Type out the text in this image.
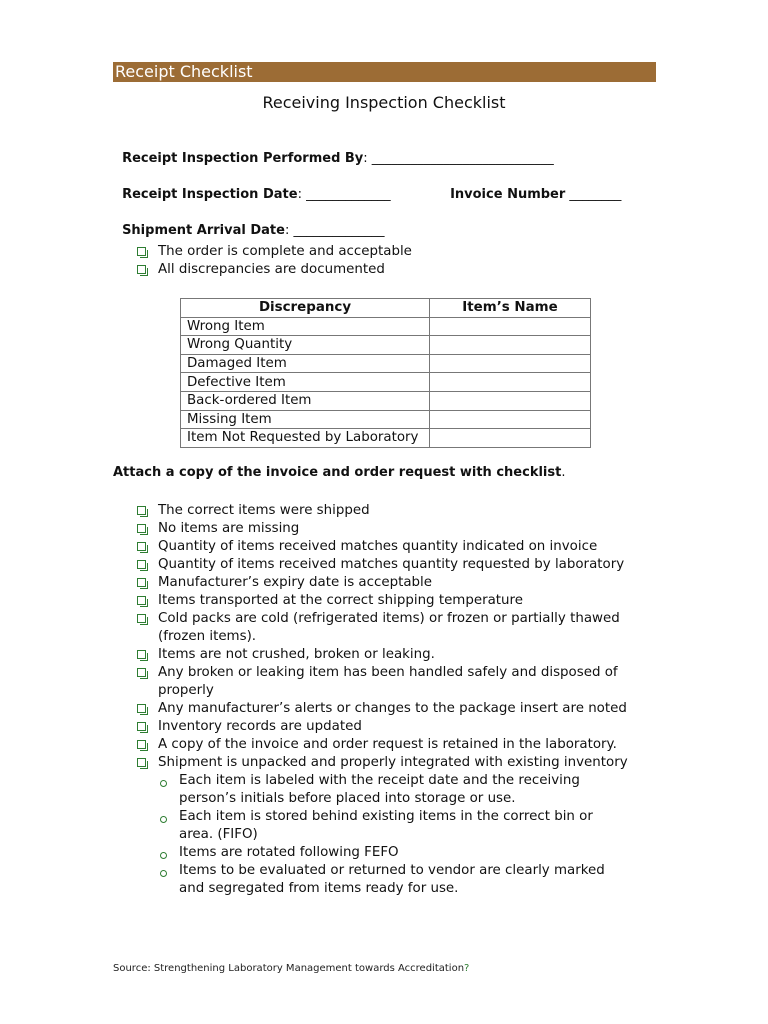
Receipt Checklist
Receiving Inspection Checklist

Receipt Inspection Performed By: ____________________________

Receipt Inspection Date: _____________	Invoice Number ________

Shipment Arrival Date: ______________

The order is complete and acceptable
All discrepancies are documented
Discrepancy	Item’s Name
Wrong Item	
Wrong Quantity	
Damaged Item	
Defective Item	
Back-ordered Item	
Missing Item	
Item Not Requested by Laboratory	
Attach a copy of the invoice and order request with checklist.
The correct items were shipped
No items are missing
Quantity of items received matches quantity indicated on invoice
Quantity of items received matches quantity requested by laboratory
Manufacturer’s expiry date is acceptable
Items transported at the correct shipping temperature
Cold packs are cold (refrigerated items) or frozen or partially thawed (frozen items).
Items are not crushed, broken or leaking.
Any broken or leaking item has been handled safely and disposed of properly
Any manufacturer’s alerts or changes to the package insert are noted
Inventory records are updated
A copy of the invoice and order request is retained in the laboratory.
Shipment is unpacked and properly integrated with existing inventory
Each item is labeled with the receipt date and the receiving person’s initials before placed into storage or use.
Each item is stored behind existing items in the correct bin or area. (FIFO)
Items are rotated following FEFO
Items to be evaluated or returned to vendor are clearly marked and segregated from items ready for use.
Source: Strengthening Laboratory Management towards Accreditation?
